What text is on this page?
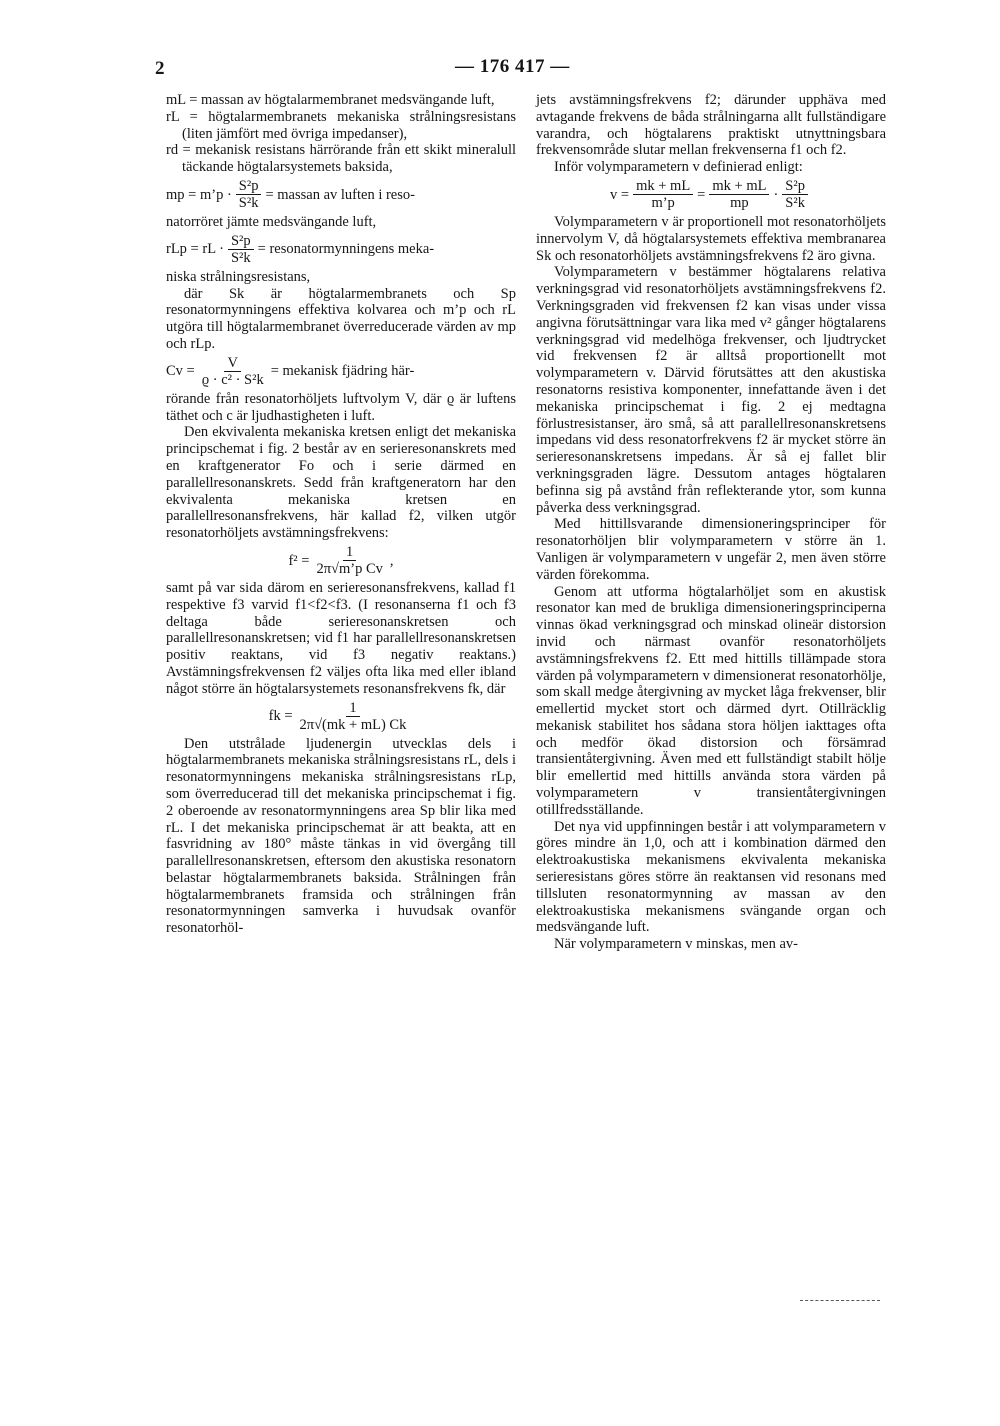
2	— 176 417 —

mL = massan av högtalarmembranet medsvängande luft,

rL = högtalarmembranets mekaniska strålningsresistans (liten jämfört med övriga impedanser),

rd = mekanisk resistans härrörande från ett skikt mineralull täckande högtalarsystemets baksida,

mp = m’p · $\frac{\text{S²p}}{\text{S²k}}$ = massan av luften i reso-

natorröret jämte medsvängande luft,

rLp = rL · $\frac{\text{S²p}}{\text{S²k}}$ = resonatormynningens meka-

niska strålningsresistans,

där Sk är högtalarmembranets och Sp resonatormynningens effektiva kolvarea och m’p och rL utgöra till högtalarmembranet överreducerade värden av mp och rLp.

$Cv = \frac{V}{\text{ϱ · c² · S²k}}$ = mekanisk fjädring här-

rörande från resonatorhöljets luftvolym V, där ϱ är luftens täthet och c är ljudhastigheten i luft.

Den ekvivalenta mekaniska kretsen enligt det mekaniska principschemat i fig. 2 består av en serieresonanskrets med en kraftgenerator Fo och i serie därmed en parallellresonanskrets. Sedd från kraftgeneratorn har den ekvivalenta mekaniska kretsen en parallellresonansfrekvens, här kallad f2, vilken utgör resonatorhöljets avstämningsfrekvens:

$f^2 = \frac{1}{\text{2π√m’p Cv}}$ ,

samt på var sida därom en serieresonansfrekvens, kallad f1 respektive f3 varvid f1<f2<f3. (I resonanserna f1 och f3 deltaga både serieresonanskretsen och parallellresonanskretsen; vid f1 har parallellresonanskretsen positiv reaktans, vid f3 negativ reaktans.) Avstämningsfrekvensen f2 väljes ofta lika med eller ibland något större än högtalarsystemets resonansfrekvens fk, där

fk = $\frac{1}{2\pi√(mk + mL) Ck}$

Den utstrålade ljudenergin utvecklas dels i högtalarmembranets mekaniska strålningsresistans rL, dels i resonatormynningens mekaniska strålningsresistans rLp, som överreducerad till det mekaniska principschemat i fig. 2 oberoende av resonatormynningens area Sp blir lika med rL. I det mekaniska principschemat är att beakta, att en fasvridning av 180° måste tänkas in vid övergång till parallellresonanskretsen, eftersom den akustiska resonatorn belastar högtalarmembranets baksida. Strålningen från högtalarmembranets framsida och strålningen från resonatormynningen samverka i huvudsak ovanför resonatorhöl-

jets avstämningsfrekvens f2; därunder upphäva med avtagande frekvens de båda strålningarna allt fullständigare varandra, och högtalarens praktiskt utnyttningsbara frekvensområde slutar mellan frekvenserna f1 och f2.

Inför volymparametern v definierad enligt:

$v = \frac{mk + mL}{m’p} = \frac{mk + mL}{mp} \cdot \frac{\text{S²p}}{\text{S²k}}$

Volymparametern v är proportionell mot resonatorhöljets innervolym V, då högtalarsystemets effektiva membranarea Sk och resonatorhöljets avstämningsfrekvens f2 äro givna.

Volymparametern v bestämmer högtalarens relativa verkningsgrad vid resonatorhöljets avstämningsfrekvens f2. Verkningsgraden vid frekvensen f2 kan visas under vissa angivna förutsättningar vara lika med v² gånger högtalarens verkningsgrad vid medelhöga frekvenser, och ljudtrycket vid frekvensen f2 är alltså proportionellt mot volymparametern v. Därvid förutsättes att den akustiska resonatorns resistiva komponenter, innefattande även i det mekaniska principschemat i fig. 2 ej medtagna förlustresistanser, äro små, så att parallellresonanskretsens impedans vid dess resonatorfrekvens f2 är mycket större än serieresonanskretsens impedans. Är så ej fallet blir verkningsgraden lägre. Dessutom antages högtalaren befinna sig på avstånd från reflekterande ytor, som kunna påverka dess verkningsgrad.

Med hittillsvarande dimensioneringsprinciper för resonatorhöljen blir volymparametern v större än 1. Vanligen är volymparametern v ungefär 2, men även större värden förekomma.

Genom att utforma högtalarhöljet som en akustisk resonator kan med de brukliga dimensioneringsprinciperna vinnas ökad verkningsgrad och minskad olineär distorsion invid och närmast ovanför resonatorhöljets avstämningsfrekvens f2. Ett med hittills tillämpade stora värden på volymparametern v dimensionerat resonatorhölje, som skall medge återgivning av mycket låga frekvenser, blir emellertid mycket stort och därmed dyrt. Otillräcklig mekanisk stabilitet hos sådana stora höljen iakttages ofta och medför ökad distorsion och försämrad transientåtergivning. Även med ett fullständigt stabilt hölje blir emellertid med hittills använda stora värden på volymparametern v transientåtergivningen otillfredsställande.

Det nya vid uppfinningen består i att volymparametern v göres mindre än 1,0, och att i kombination därmed den elektroakustiska mekanismens ekvivalenta mekaniska serieresistans göres större än reaktansen vid resonans med tillsluten resonatormynning av massan av den elektroakustiska mekanismens svängande organ och medsvängande luft.

När volymparametern v minskas, men av-
